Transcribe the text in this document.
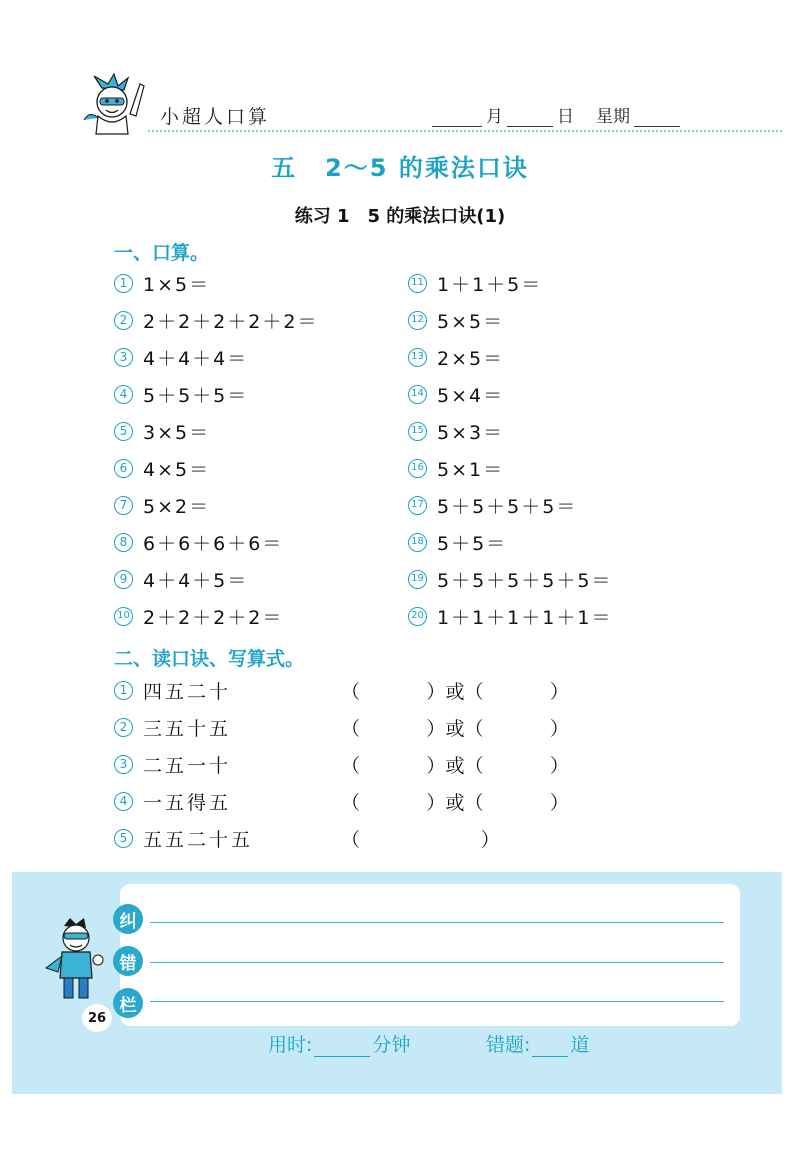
小超人口算	月	日 星期
五 2～5 的乘法口诀
练习 1 5 的乘法口诀(1)
一、口算。
1 1×5＝
2 2＋2＋2＋2＋2＝
3 4＋4＋4＝
4 5＋5＋5＝
5 3×5＝
6 4×5＝
7 5×2＝
8 6＋6＋6＋6＝
9 4＋4＋5＝
10 2＋2＋2＋2＝
11 1＋1＋5＝
12 5×5＝
13 2×5＝
14 5×4＝
15 5×3＝
16 5×1＝
17 5＋5＋5＋5＝
18 5＋5＝
19 5＋5＋5＋5＋5＝
20 1＋1＋1＋1＋1＝
二、读口诀、写算式。
1 四五二十	（           ） 或 （           ）
2 三五十五	（           ） 或 （           ）
3 二五一十	（           ） 或 （           ）
4 一五得五	（           ） 或 （           ）
5 五五二十五	（                    ）
纠
错
栏
26
用时:	分钟	错题: 道
